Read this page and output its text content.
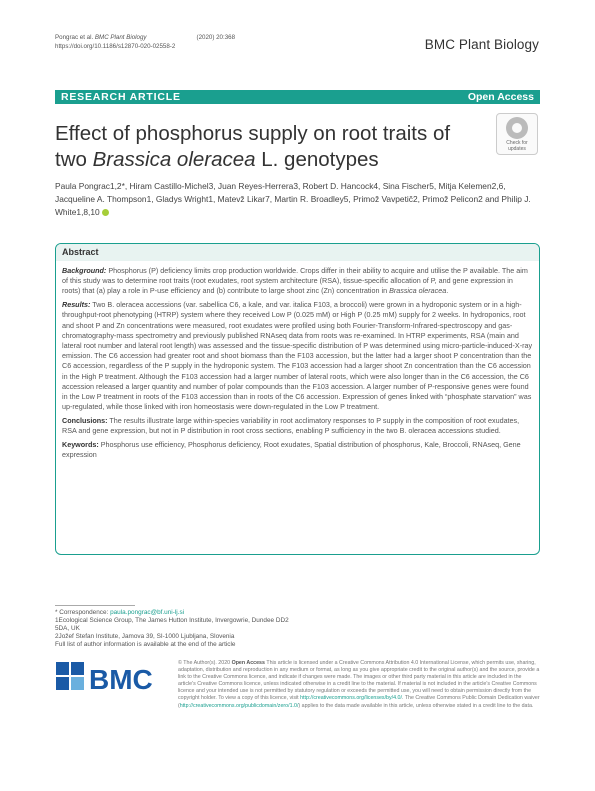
Pongrac et al. BMC Plant Biology	(2020) 20:368
https://doi.org/10.1186/s12870-020-02558-2	BMC Plant Biology
RESEARCH ARTICLE	Open Access
Effect of phosphorus supply on root traits of two Brassica oleracea L. genotypes
Check for
updates
Paula Pongrac1,2*, Hiram Castillo-Michel3, Juan Reyes-Herrera3, Robert D. Hancock4, Sina Fischer5, Mitja Kelemen2,6, Jacqueline A. Thompson1, Gladys Wright1, Matevž Likar7, Martin R. Broadley5, Primož Vavpetič2, Primož Pelicon2 and Philip J. White1,8,10
Abstract

Background: Phosphorus (P) deficiency limits crop production worldwide. Crops differ in their ability to acquire and utilise the P available. The aim of this study was to determine root traits (root exudates, root system architecture (RSA), tissue-specific allocation of P, and gene expression in roots) that (a) play a role in P-use efficiency and (b) contribute to large shoot zinc (Zn) concentration in Brassica oleracea.

Results: Two B. oleracea accessions (var. sabellica C6, a kale, and var. italica F103, a broccoli) were grown in a hydroponic system or in a high-throughput-root phenotyping (HTRP) system where they received Low P (0.025 mM) or High P (0.25 mM) supply for 2 weeks. In hydroponics, root and shoot P and Zn concentrations were measured, root exudates were profiled using both Fourier-Transform-Infrared-spectroscopy and gas-chromatography-mass spectrometry and previously published RNAseq data from roots was re-examined. In HTRP experiments, RSA (main and lateral root number and lateral root length) was assessed and the tissue-specific distribution of P was determined using micro-particle-induced-X-ray emission. The C6 accession had greater root and shoot biomass than the F103 accession, but the latter had a larger shoot P concentration than the C6 accession, regardless of the P supply in the hydroponic system. The F103 accession had a larger shoot Zn concentration than the C6 accession in the High P treatment. Although the F103 accession had a larger number of lateral roots, which were also longer than in the C6 accession, the C6 accession released a larger quantity and number of polar compounds than the F103 accession. A larger number of P-responsive genes were found in the Low P treatment in roots of the F103 accession than in roots of the C6 accession. Expression of genes linked with “phosphate starvation” was up-regulated, while those linked with iron homeostasis were down-regulated in the Low P treatment.

Conclusions: The results illustrate large within-species variability in root acclimatory responses to P supply in the composition of root exudates, RSA and gene expression, but not in P distribution in root cross sections, enabling P sufficiency in the two B. oleracea accessions studied.

Keywords: Phosphorus use efficiency, Phosphorus deficiency, Root exudates, Spatial distribution of phosphorus, Kale, Broccoli, RNAseq, Gene expression

* Correspondence: paula.pongrac@bf.uni-lj.si
1Ecological Science Group, The James Hutton Institute, Invergowrie, Dundee DD2 5DA, UK
2Jožef Stefan Institute, Jamova 39, SI-1000 Ljubljana, Slovenia
Full list of author information is available at the end of the article
BMC
© The Author(s). 2020 Open Access This article is licensed under a Creative Commons Attribution 4.0 International License, which permits use, sharing, adaptation, distribution and reproduction in any medium or format, as long as you give appropriate credit to the original author(s) and the source, provide a link to the Creative Commons licence, and indicate if changes were made. The images or other third party material in this article are included in the article's Creative Commons licence, unless indicated otherwise in a credit line to the material. If material is not included in the article's Creative Commons licence and your intended use is not permitted by statutory regulation or exceeds the permitted use, you will need to obtain permission directly from the copyright holder. To view a copy of this licence, visit http://creativecommons.org/licenses/by/4.0/. The Creative Commons Public Domain Dedication waiver (http://creativecommons.org/publicdomain/zero/1.0/) applies to the data made available in this article, unless otherwise stated in a credit line to the data.
